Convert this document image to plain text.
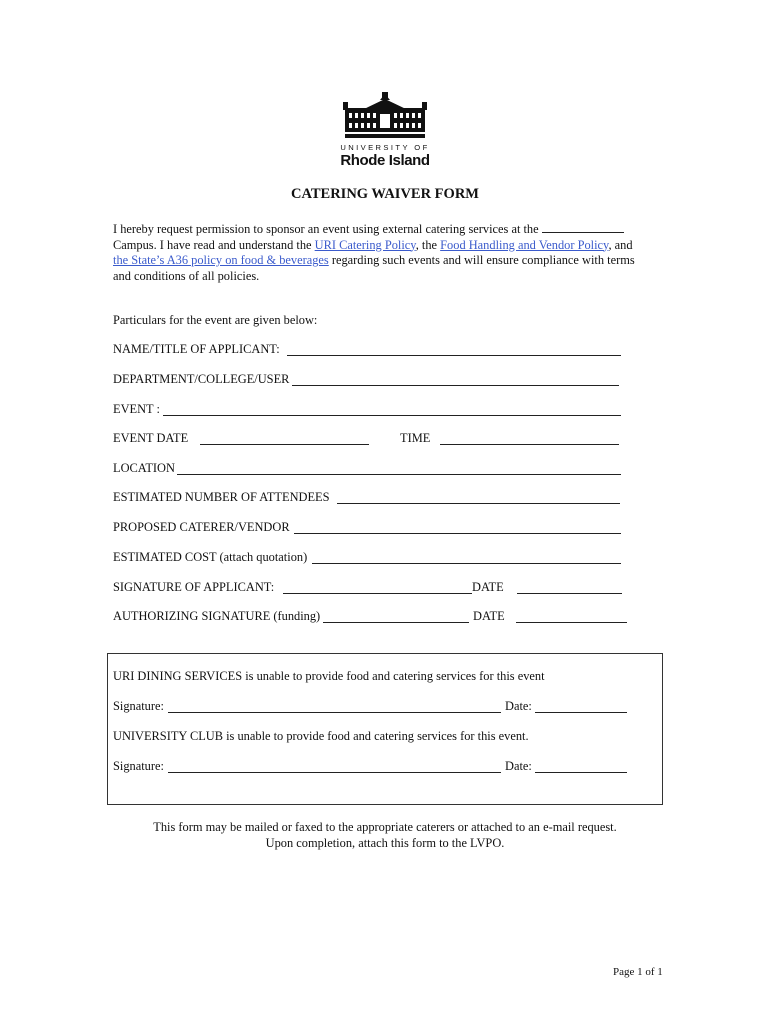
UNIVERSITY OF
Rhode Island
CATERING WAIVER FORM
I hereby request permission to sponsor an event using external catering services at the
Campus. I have read and understand the URI Catering Policy, the Food Handling and Vendor Policy, and
the State’s A36 policy on food & beverages regarding such events and will ensure compliance with terms and conditions of all policies.
Particulars for the event are given below:
NAME/TITLE OF APPLICANT:
DEPARTMENT/COLLEGE/USER
EVENT :
EVENT DATE	TIME
LOCATION
ESTIMATED NUMBER OF ATTENDEES
PROPOSED CATERER/VENDOR
ESTIMATED COST (attach quotation)
SIGNATURE OF APPLICANT:	DATE
AUTHORIZING SIGNATURE (funding)	DATE
URI DINING SERVICES is unable to provide food and catering services for this event
Signature:	Date:
UNIVERSITY CLUB is unable to provide food and catering services for this event.
Signature:	Date:
This form may be mailed or faxed to the appropriate caterers or attached to an e-mail request.
Upon completion, attach this form to the LVPO.
Page 1 of 1
